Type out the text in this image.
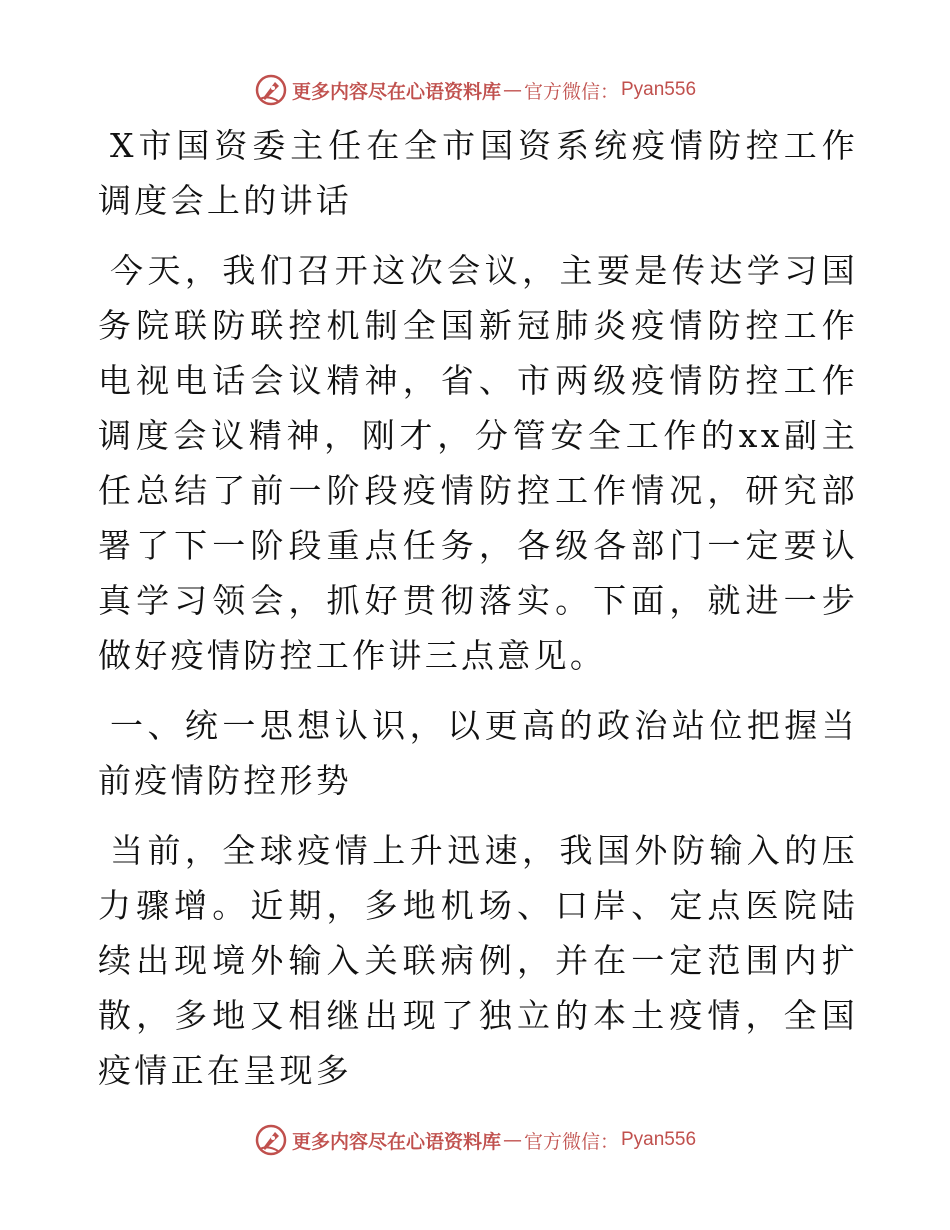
更多内容尽在心语资料库 — 官方微信： Pyan556

X市国资委主任在全市国资系统疫情防控工作调度会上的讲话

今天，我们召开这次会议，主要是传达学习国务院联防联控机制全国新冠肺炎疫情防控工作电视电话会议精神，省、市两级疫情防控工作调度会议精神，刚才，分管安全工作的xx副主任总结了前一阶段疫情防控工作情况，研究部署了下一阶段重点任务，各级各部门一定要认真学习领会，抓好贯彻落实。下面，就进一步做好疫情防控工作讲三点意见。

一、统一思想认识，以更高的政治站位把握当前疫情防控形势

当前，全球疫情上升迅速，我国外防输入的压力骤增。近期，多地机场、口岸、定点医院陆续出现境外输入关联病例，并在一定范围内扩散，多地又相继出现了独立的本土疫情，全国疫情正在呈现多

更多内容尽在心语资料库 — 官方微信： Pyan556
